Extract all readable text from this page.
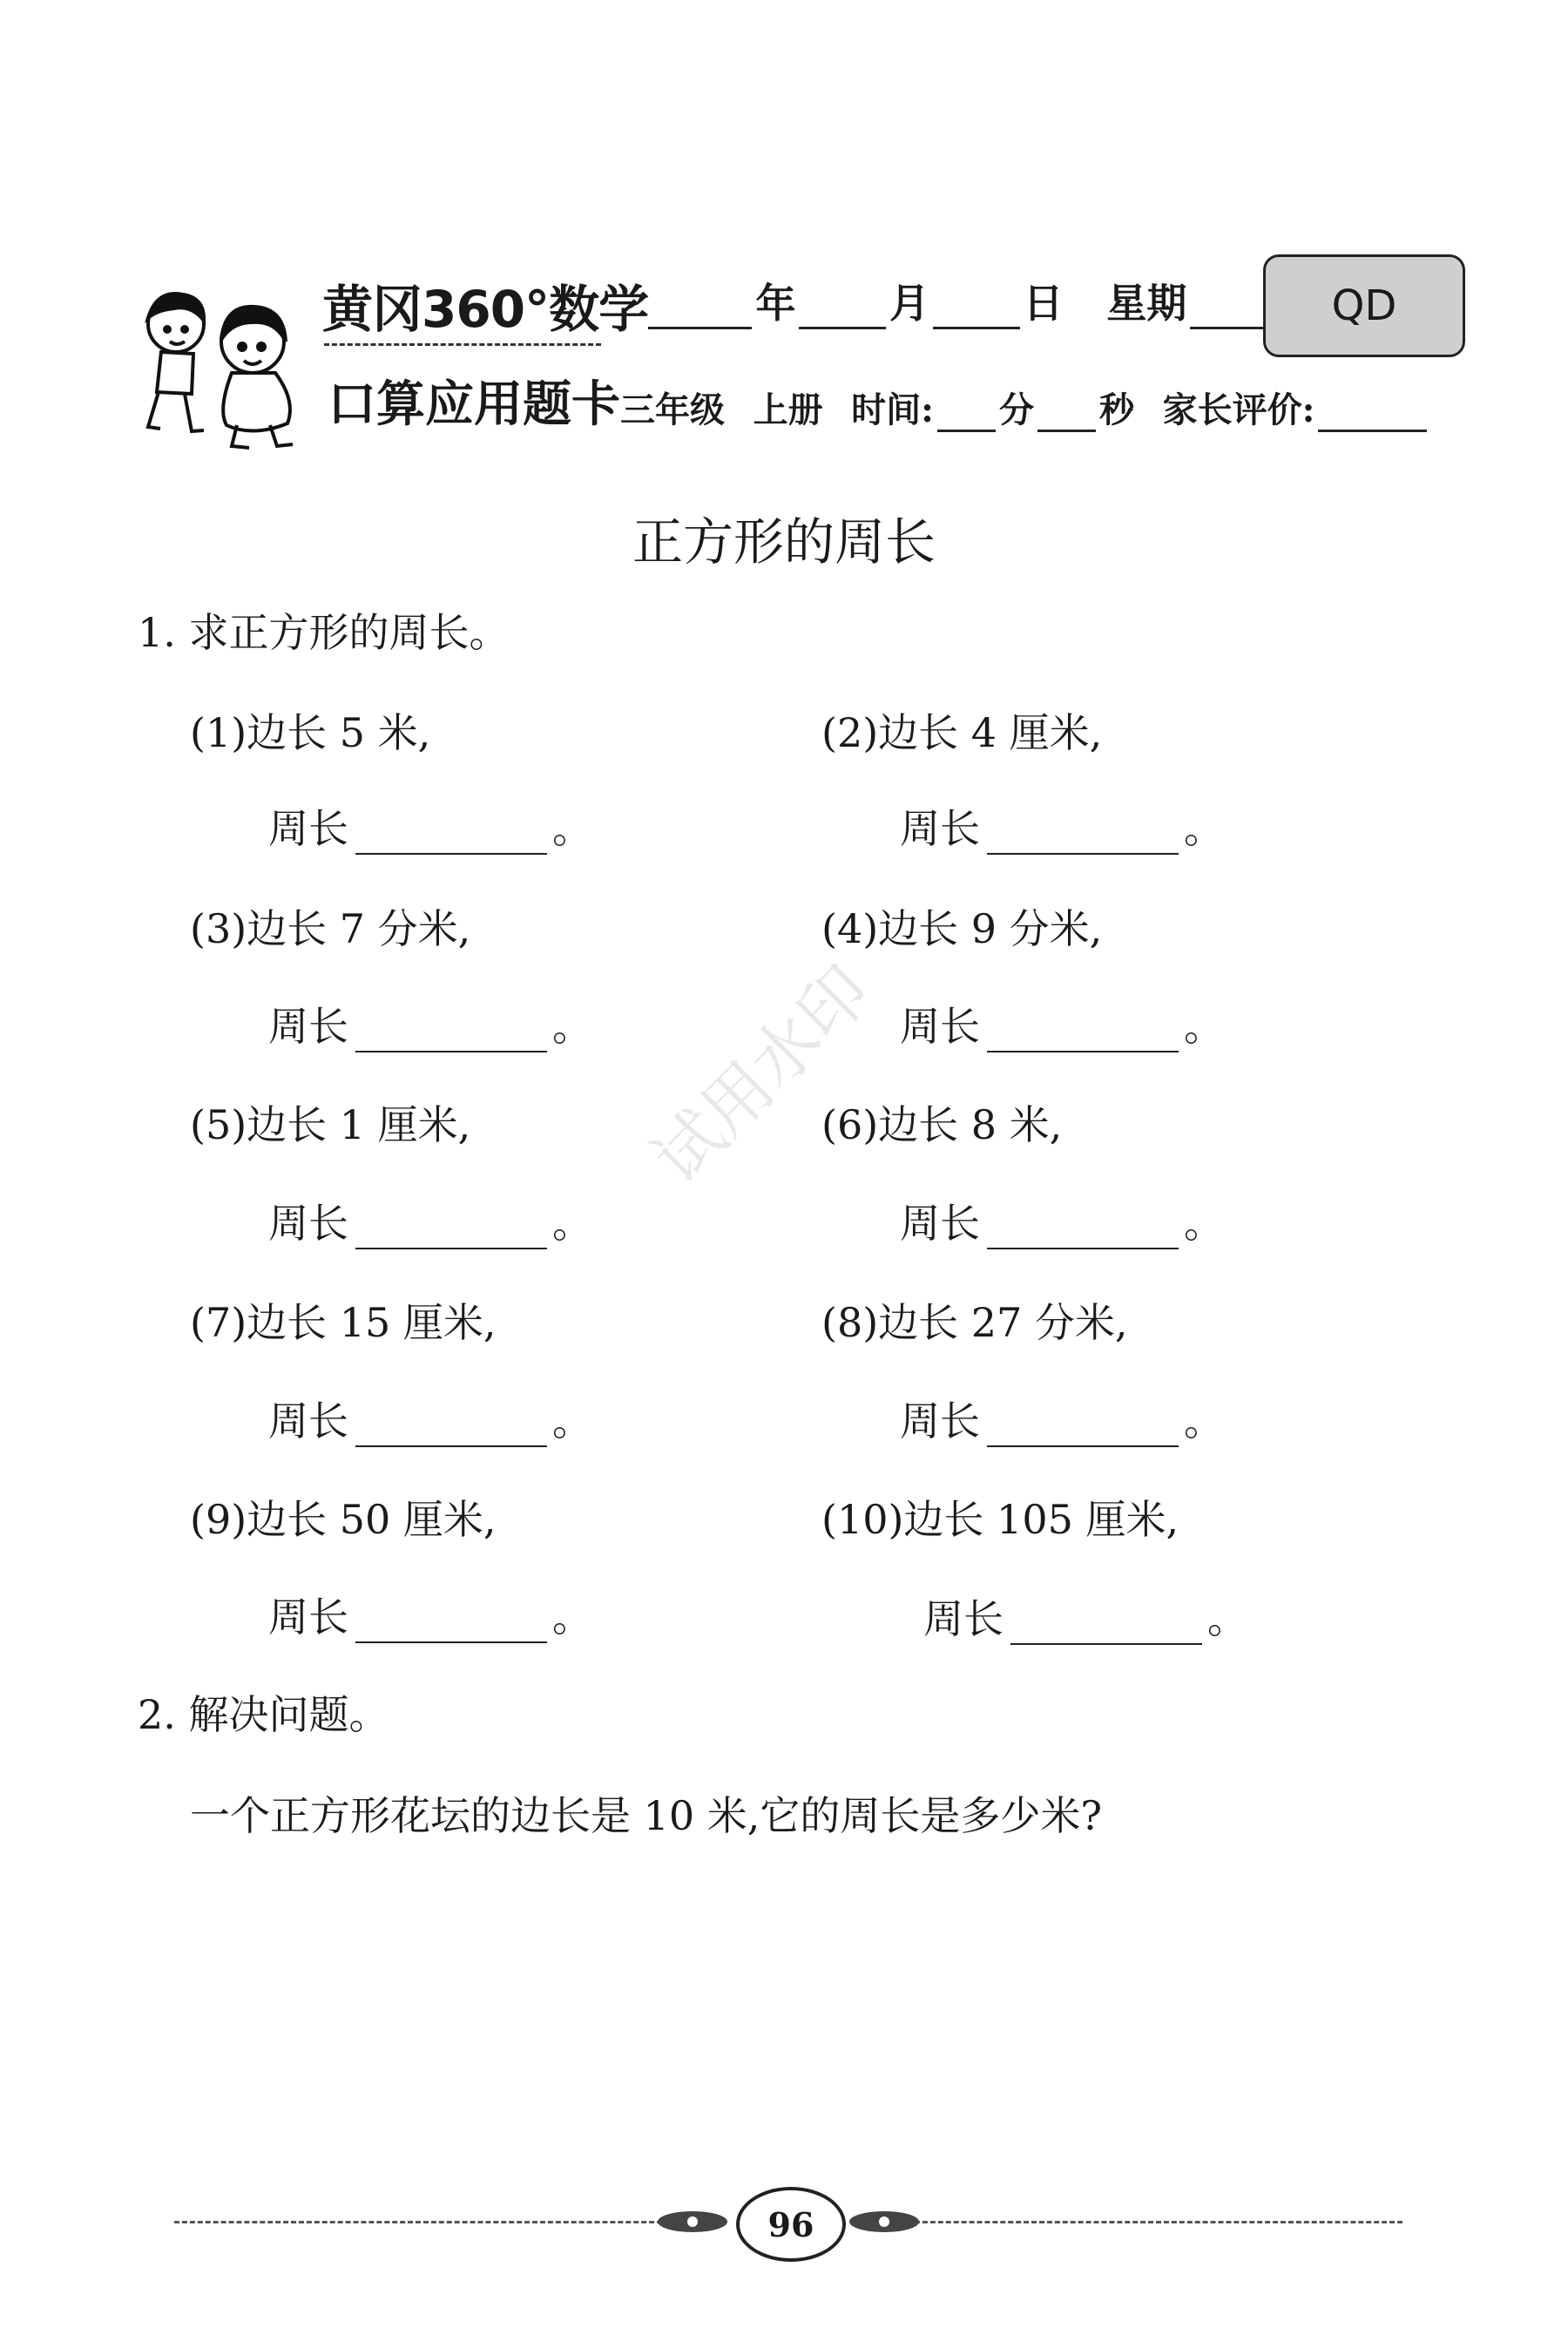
黄冈360°数学
口算应用题卡
年 月 日 星期	QD
三年级 上册 时间: 分 秒 家长评价:
正方形的周长
1. 求正方形的周长。
(1)边长 5 米,
(3)边长 7 分米,
(5)边长 1 厘米,
(7)边长 15 厘米,
(9)边长 50 厘米,
(2)边长 4 厘米,
(4)边长 9 分米,
(6)边长 8 米,
(8)边长 27 分米,
(10)边长 105 厘米,
周长	。
周长	。
周长	。
周长	。
周长	。
周长	。
周长	。
周长	。
周长	。
周长	。
2. 解决问题。
一个正方形花坛的边长是 10 米,它的周长是多少米?
试用水印
96
